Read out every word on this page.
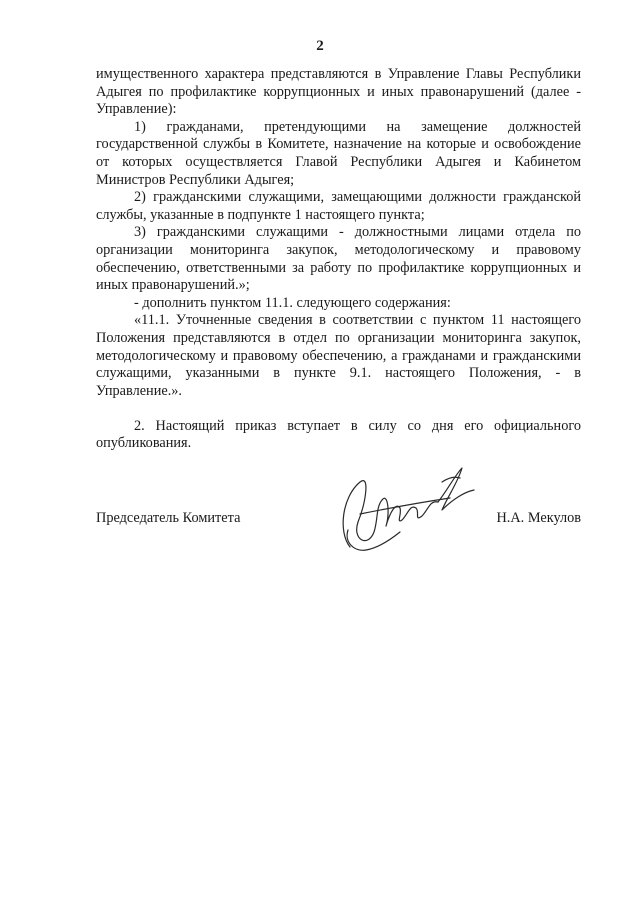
2

имущественного характера представляются в Управление Главы Республики Адыгея по профилактике коррупционных и иных правонарушений (далее - Управление):

1) гражданами, претендующими на замещение должностей государственной службы в Комитете, назначение на которые и освобождение от которых осуществляется Главой Республики Адыгея и Кабинетом Министров Республики Адыгея;

2) гражданскими служащими, замещающими должности гражданской службы, указанные в подпункте 1 настоящего пункта;

3) гражданскими служащими - должностными лицами отдела по организации мониторинга закупок, методологическому и правовому обеспечению, ответственными за работу по профилактике коррупционных и иных правонарушений.»;

- дополнить пунктом 11.1. следующего содержания:

«11.1. Уточненные сведения в соответствии с пунктом 11 настоящего Положения представляются в отдел по организации мониторинга закупок, методологическому и правовому обеспечению, а гражданами и гражданскими служащими, указанными в пункте 9.1. настоящего Положения, - в Управление.».

2. Настоящий приказ вступает в силу со дня его официального опубликования.

Председатель Комитета	Н.А. Мекулов
